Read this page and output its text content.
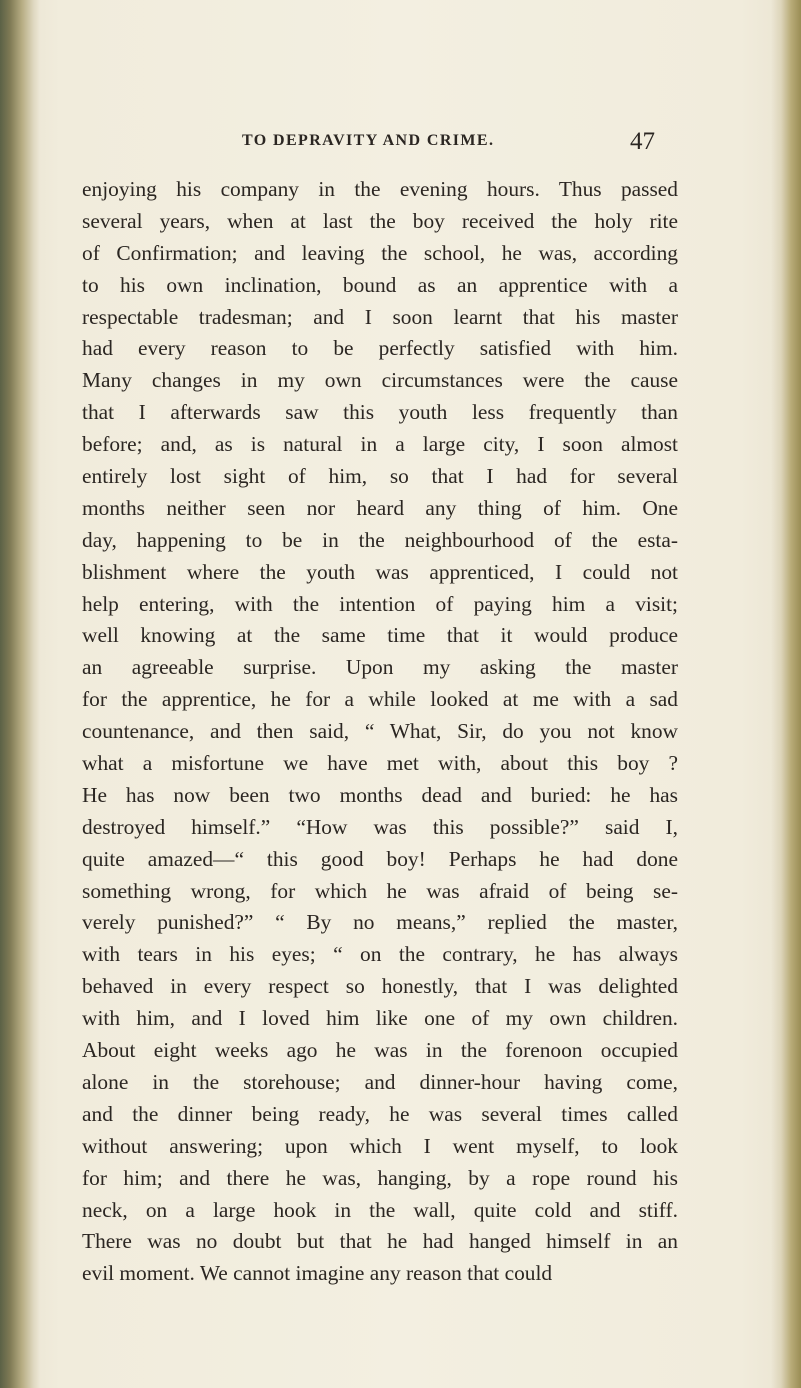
TO DEPRAVITY AND CRIME.	47
enjoying his company in the evening hours. Thus passed
several years, when at last the boy received the holy rite
of Confirmation; and leaving the school, he was, according
to his own inclination, bound as an apprentice with a
respectable tradesman; and I soon learnt that his master
had every reason to be perfectly satisfied with him.
Many changes in my own circumstances were the cause
that I afterwards saw this youth less frequently than
before; and, as is natural in a large city, I soon almost
entirely lost sight of him, so that I had for several
months neither seen nor heard any thing of him. One
day, happening to be in the neighbourhood of the esta-
blishment where the youth was apprenticed, I could not
help entering, with the intention of paying him a visit;
well knowing at the same time that it would produce
an agreeable surprise. Upon my asking the master
for the apprentice, he for a while looked at me with a sad
countenance, and then said, “ What, Sir, do you not know
what a misfortune we have met with, about this boy ?
He has now been two months dead and buried: he has
destroyed himself.” “How was this possible?” said I,
quite amazed—“ this good boy! Perhaps he had done
something wrong, for which he was afraid of being se-
verely punished?” “ By no means,” replied the master,
with tears in his eyes; “ on the contrary, he has always
behaved in every respect so honestly, that I was delighted
with him, and I loved him like one of my own children.
About eight weeks ago he was in the forenoon occupied
alone in the storehouse; and dinner-hour having come,
and the dinner being ready, he was several times called
without answering; upon which I went myself, to look
for him; and there he was, hanging, by a rope round his
neck, on a large hook in the wall, quite cold and stiff.
There was no doubt but that he had hanged himself in an
evil moment. We cannot imagine any reason that could
